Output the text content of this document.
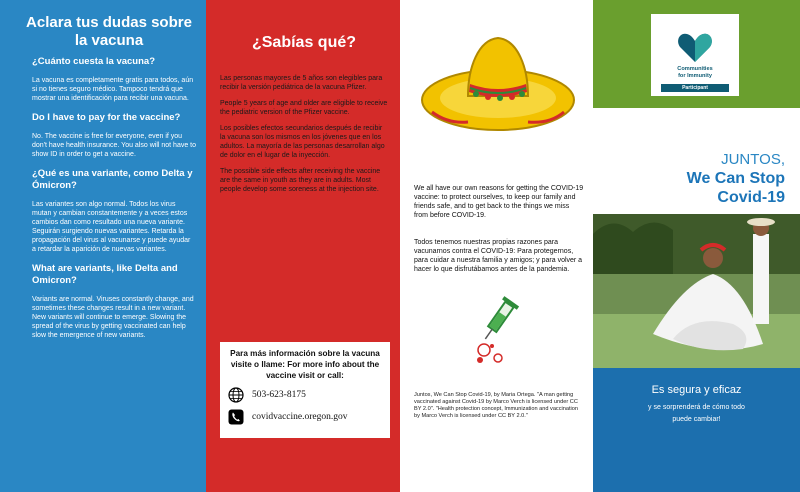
Aclara tus dudas sobre la vacuna
¿Cuánto cuesta la vacuna?
La vacuna es completamente gratis para todos, aún si no tienes seguro médico. Tampoco tendrá que mostrar una identificación para recibir una vacuna.
Do I have to pay for the vaccine?
No. The vaccine is free for everyone, even if you don't have health insurance. You also will not have to show ID in order to get a vaccine.
¿Qué es una variante, como Delta y Ómicron?
Las variantes son algo normal. Todos los virus mutan y cambian constantemente y a veces estos cambios dan como resultado una nueva variante. Seguirán surgiendo nuevas variantes. Retarda la propagación del virus al vacunarse y puede ayudar a retardar la aparición de nuevas variantes.
What are variants, like Delta and Omicron?
Variants are normal. Viruses constantly change, and sometimes these changes result in a new variant. New variants will continue to emerge. Slowing the spread of the virus by getting vaccinated can help slow the emergence of new variants.
¿Sabías qué?
Las personas mayores de 5 años son elegibles para recibir la versión pediátrica de la vacuna Pfizer.
People 5 years of age and older are eligible to receive the pediatric version of the Pfizer vaccine.
Los posibles efectos secundarios después de recibir la vacuna son los mismos en los jóvenes que en los adultos. La mayoría de las personas desarrollan algo de dolor en el lugar de la inyección.
The possible side effects after receiving the vaccine are the same in youth as they are in adults. Most people develop some soreness at the injection site.
Para más información sobre la vacuna visite o llame: For more info about the vaccine visit or call:
503-623-8175
covidvaccine.oregon.gov
We all have our own reasons for getting the COVID-19 vaccine: to protect ourselves, to keep our family and friends safe, and to get back to the things we miss from before COVID-19.
Todos tenemos nuestras propias razones para vacunarnos contra el COVID-19: Para protegernos, para cuidar a nuestra familia y amigos; y para volver a hacer lo que disfrutábamos antes de la pandemia.
Juntos, We Can Stop Covid-19, by Maria Ortega. "A man getting vaccinated against Covid-19 by Marco Verch is licensed under CC BY 2.0". "Health protection concept, Immunization and vaccination by Marco Verch is licensed under CC BY 2.0."
Communities
for Immunity
Participant
JUNTOS,
We Can Stop
Covid-19
Es segura y eficaz
y se sorprenderá de cómo todo
puede cambiar!
